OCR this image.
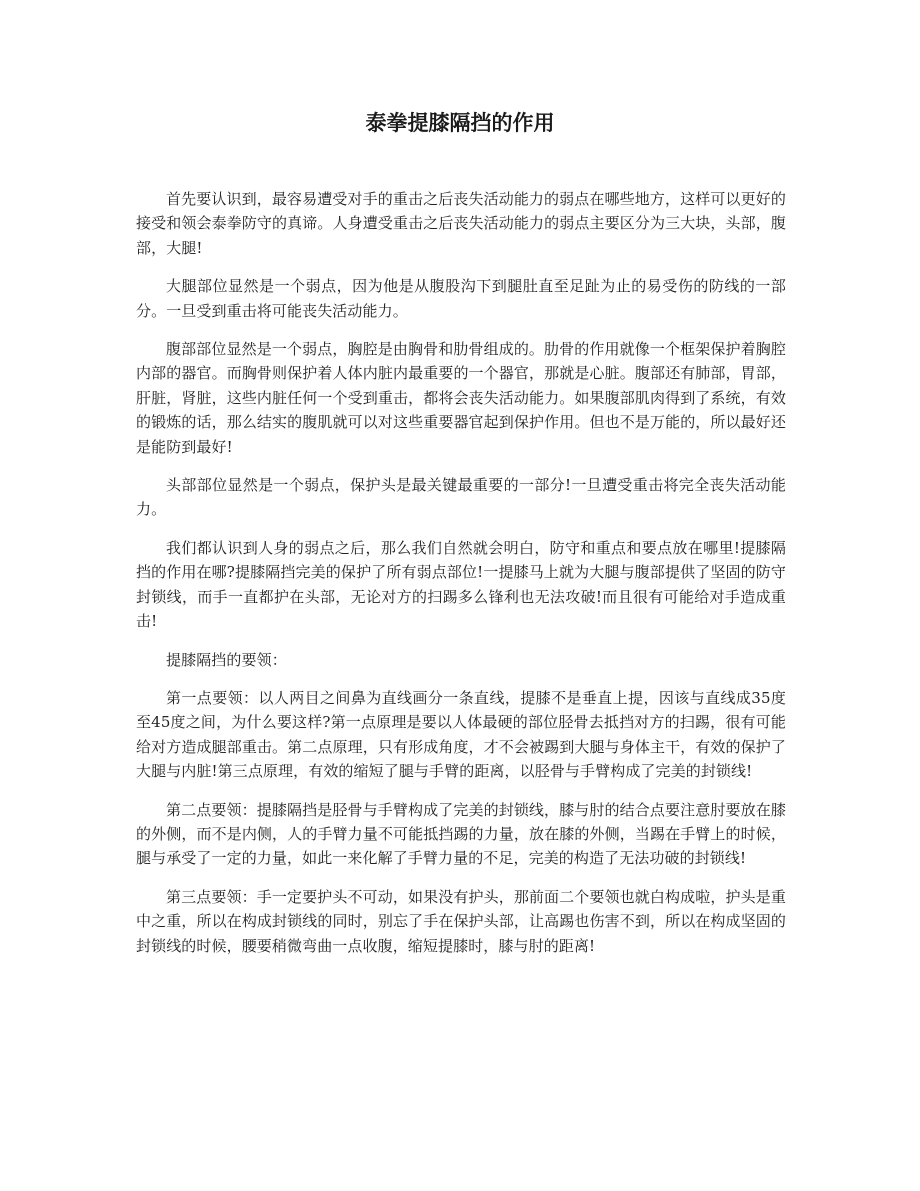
泰拳提膝隔挡的作用

首先要认识到，最容易遭受对手的重击之后丧失活动能力的弱点在哪些地方，这样可以更好的接受和领会泰拳防守的真谛。人身遭受重击之后丧失活动能力的弱点主要区分为三大块，头部，腹部，大腿!

大腿部位显然是一个弱点，因为他是从腹股沟下到腿肚直至足趾为止的易受伤的防线的一部分。一旦受到重击将可能丧失活动能力。

腹部部位显然是一个弱点，胸腔是由胸骨和肋骨组成的。肋骨的作用就像一个框架保护着胸腔内部的器官。而胸骨则保护着人体内脏内最重要的一个器官，那就是心脏。腹部还有肺部，胃部，肝脏，肾脏，这些内脏任何一个受到重击，都将会丧失活动能力。如果腹部肌肉得到了系统，有效的锻炼的话，那么结实的腹肌就可以对这些重要器官起到保护作用。但也不是万能的，所以最好还是能防到最好!

头部部位显然是一个弱点，保护头是最关键最重要的一部分!一旦遭受重击将完全丧失活动能力。

我们都认识到人身的弱点之后，那么我们自然就会明白，防守和重点和要点放在哪里!提膝隔挡的作用在哪?提膝隔挡完美的保护了所有弱点部位!一提膝马上就为大腿与腹部提供了坚固的防守封锁线，而手一直都护在头部，无论对方的扫踢多么锋利也无法攻破!而且很有可能给对手造成重击!

提膝隔挡的要领：

第一点要领：以人两目之间鼻为直线画分一条直线，提膝不是垂直上提，因该与直线成35度至45度之间，为什么要这样?第一点原理是要以人体最硬的部位胫骨去抵挡对方的扫踢，很有可能给对方造成腿部重击。第二点原理，只有形成角度，才不会被踢到大腿与身体主干，有效的保护了大腿与内脏!第三点原理，有效的缩短了腿与手臂的距离，以胫骨与手臂构成了完美的封锁线!

第二点要领：提膝隔挡是胫骨与手臂构成了完美的封锁线，膝与肘的结合点要注意肘要放在膝的外侧，而不是内侧，人的手臂力量不可能抵挡踢的力量，放在膝的外侧，当踢在手臂上的时候，腿与承受了一定的力量，如此一来化解了手臂力量的不足，完美的构造了无法功破的封锁线!

第三点要领：手一定要护头不可动，如果没有护头，那前面二个要领也就白构成啦，护头是重中之重，所以在构成封锁线的同时，别忘了手在保护头部，让高踢也伤害不到，所以在构成坚固的封锁线的时候，腰要稍微弯曲一点收腹，缩短提膝时，膝与肘的距离!
